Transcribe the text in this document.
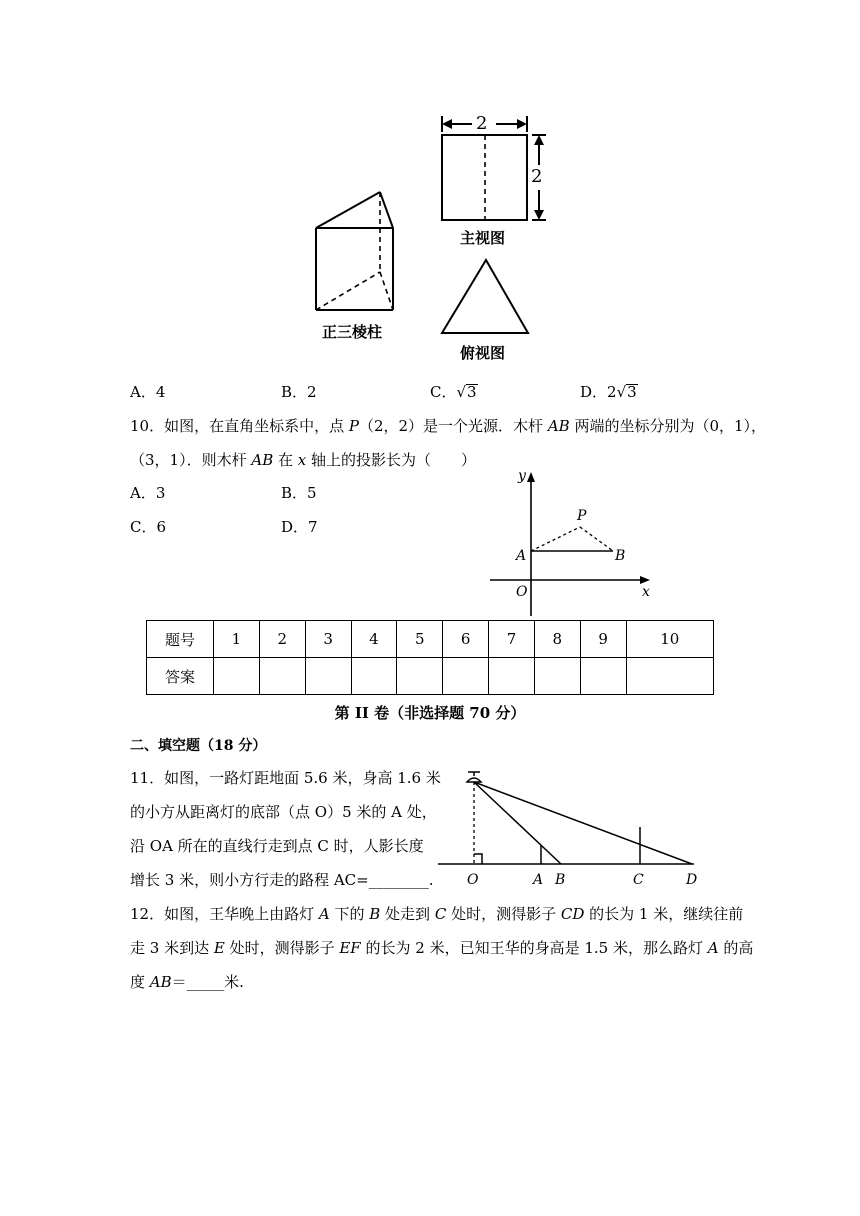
2
2
主视图
正三棱柱
俯视图
A．4	B．2	C．√3	D．2√3
10．如图，在直角坐标系中，点 P（2，2）是一个光源．木杆 AB 两端的坐标分别为（0，1），
（3，1）．则木杆 AB 在 x 轴上的投影长为（　　）
A．3	B．5
C．6	D．7
y
P
A	B
O	x
题号	1	2	3	4	5	6	7	8	9	10
答案										
第 II 卷（非选择题 70 分）
二、填空题（18 分）
11．如图，一路灯距地面 5.6 米，身高 1.6 米
的小方从距离灯的底部（点 O）5 米的 A 处，
沿 OA 所在的直线行走到点 C 时，人影长度
增长 3 米，则小方行走的路程 AC=________. O	A B	C	D
12．如图，王华晚上由路灯 A 下的 B 处走到 C 处时，测得影子 CD 的长为 1 米，继续往前
走 3 米到达 E 处时，测得影子 EF 的长为 2 米，已知王华的身高是 1.5 米，那么路灯 A 的高
度 AB＝_____米.
